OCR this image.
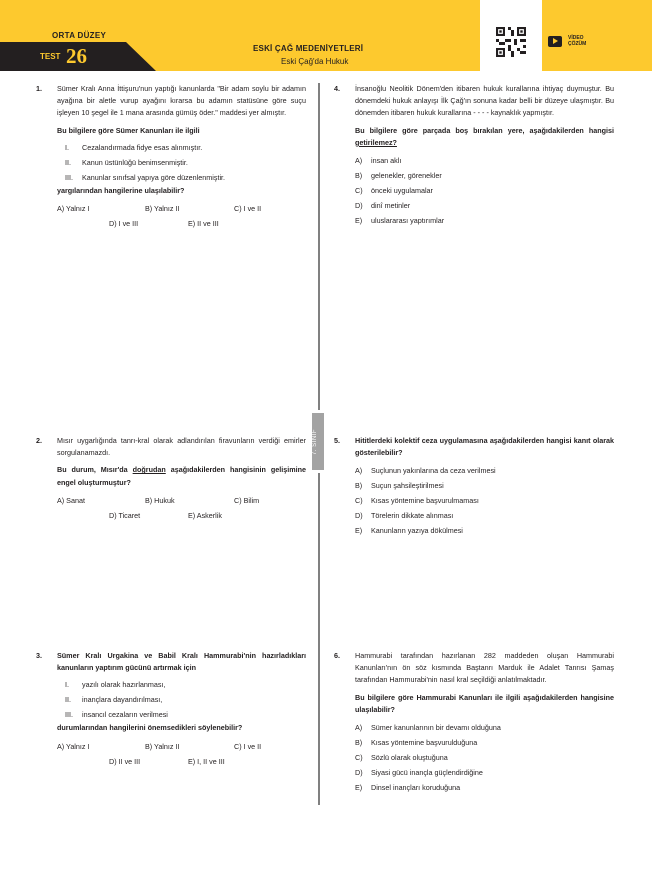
ORTA DÜZEY
TEST 26	ESKİ ÇAĞ MEDENİYETLERİ
Eski Çağ'da Hukuk
VİDEO
ÇÖZÜM
7. SINIF
1. Sümer Kralı Anna İttişuru'nun yaptığı kanunlarda "Bir adam soylu bir adamın ayağına bir aletle vurup ayağını kırarsa bu adamın statüsüne göre suçu işleyen 10 şegel ile 1 mana arasında gümüş öder." maddesi yer almıştır.
Bu bilgilere göre Sümer Kanunları ile ilgili
I. Cezalandırmada fidye esas alınmıştır.
II. Kanun üstünlüğü benimsenmiştir.
III. Kanunlar sınıfsal yapıya göre düzenlenmiştir.
yargılarından hangilerine ulaşılabilir?
A) Yalnız I	B) Yalnız II	C) I ve II
D) I ve III	E) II ve III
2. Mısır uygarlığında tanrı-kral olarak adlandırılan firavunların verdiği emirler sorgulanamazdı.
Bu durum, Mısır'da doğrudan aşağıdakilerden hangisinin gelişimine engel oluşturmuştur?
A) Sanat	B) Hukuk	C) Bilim
D) Ticaret	E) Askerlik
3. Sümer Kralı Urgakina ve Babil Kralı Hammurabi'nin hazırladıkları kanunların yaptırım gücünü artırmak için
I. yazılı olarak hazırlanması,
II. inançlara dayandırılması,
III. insancıl cezaların verilmesi
durumlarından hangilerini önemsedikleri söylenebilir?
A) Yalnız I	B) Yalnız II	C) I ve II
D) II ve III	E) I, II ve III
4. İnsanoğlu Neolitik Dönem'den itibaren hukuk kurallarına ihtiyaç duymuştur. Bu dönemdeki hukuk anlayışı İlk Çağ'ın sonuna kadar belli bir düzeye ulaşmıştır. Bu dönemden itibaren hukuk kurallarına - - - - kaynaklık yapmıştır.
Bu bilgilere göre parçada boş bırakılan yere, aşağıdakilerden hangisi getirilemez?
A) insan aklı
B) gelenekler, görenekler
C) önceki uygulamalar
D) dinî metinler
E) uluslararası yaptırımlar
5. Hititlerdeki kolektif ceza uygulamasına aşağıdakilerden hangisi kanıt olarak gösterilebilir?
A) Suçlunun yakınlarına da ceza verilmesi
B) Suçun şahsileştirilmesi
C) Kısas yöntemine başvurulmaması
D) Törelerin dikkate alınması
E) Kanunların yazıya dökülmesi
6. Hammurabi tarafından hazırlanan 282 maddeden oluşan Hammurabi Kanunları'nın ön söz kısmında Baştanrı Marduk ile Adalet Tanrısı Şamaş tarafından Hammurabi'nin nasıl kral seçildiği anlatılmaktadır.
Bu bilgilere göre Hammurabi Kanunları ile ilgili aşağıdakilerden hangisine ulaşılabilir?
A) Sümer kanunlarının bir devamı olduğuna
B) Kısas yöntemine başvurulduğuna
C) Sözlü olarak oluştuğuna
D) Siyasi gücü inançla güçlendirdiğine
E) Dinsel inançları koruduğuna
